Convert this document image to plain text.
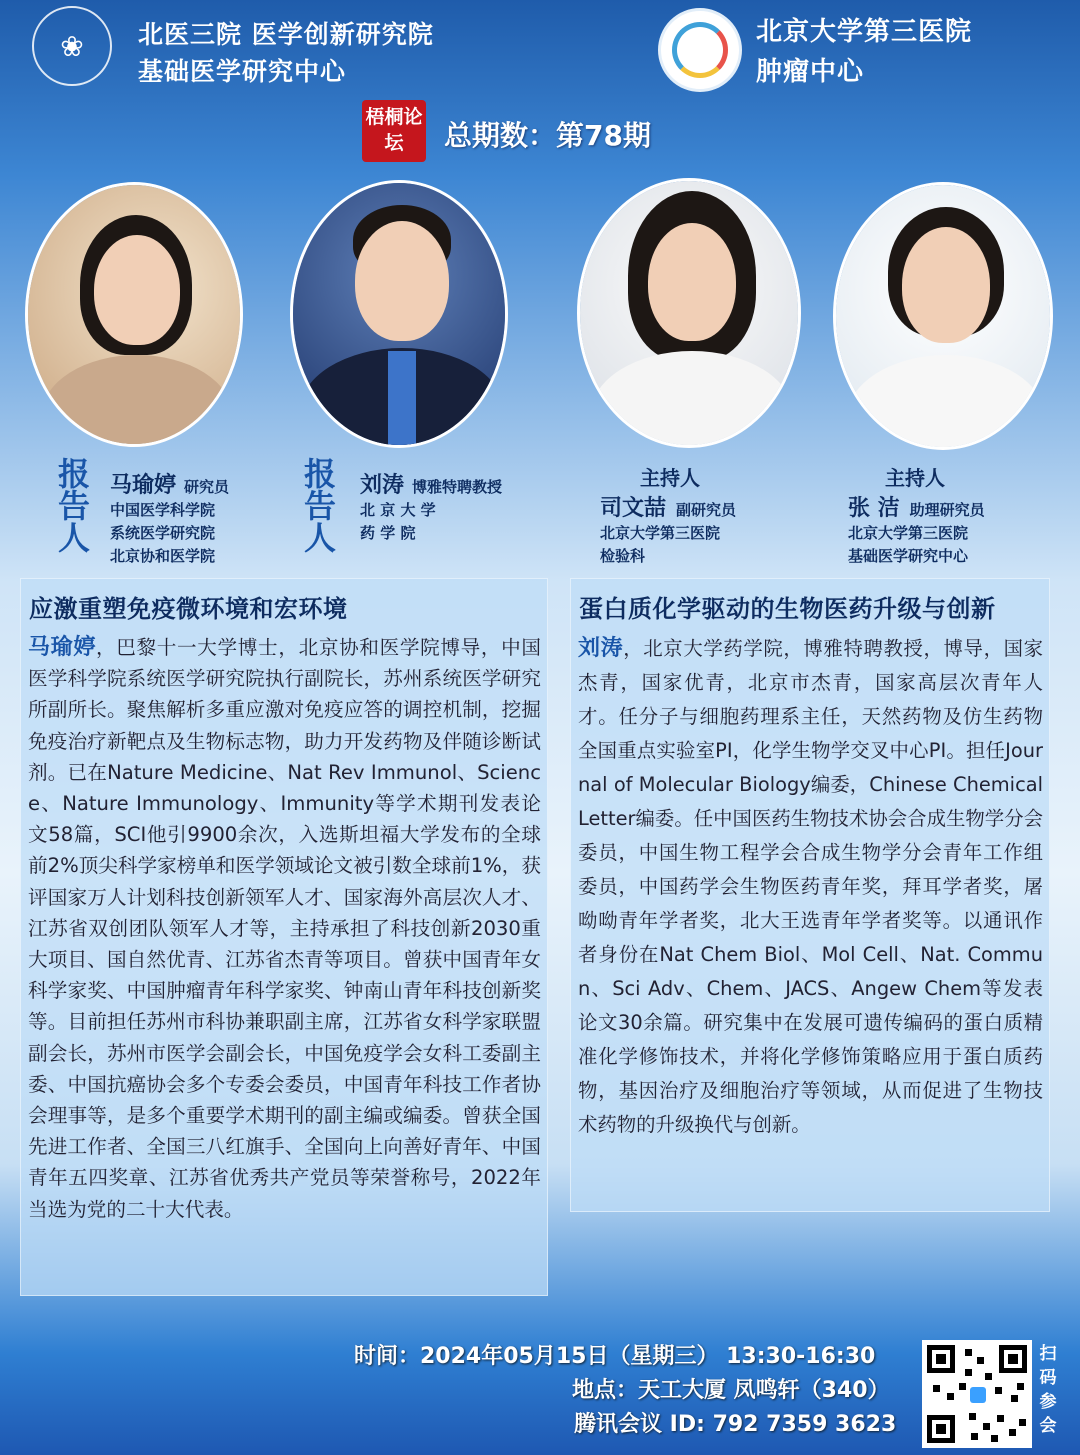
❀	北医三院 医学创新研究院
基础医学研究中心
北京大学第三医院
肿瘤中心
梧桐论坛	总期数：第78期
报告人
马瑜婷 研究员
中国医学科学院
系统医学研究院
北京协和医学院
报告人
刘涛 博雅特聘教授
北 京 大 学
药 学 院
主持人
司文喆 副研究员
北京大学第三医院
检验科
主持人
张 洁 助理研究员
北京大学第三医院
基础医学研究中心
应激重塑免疫微环境和宏环境

马瑜婷，巴黎十一大学博士，北京协和医学院博导，中国医学科学院系统医学研究院执行副院长，苏州系统医学研究所副所长。聚焦解析多重应激对免疫应答的调控机制，挖掘免疫治疗新靶点及生物标志物，助力开发药物及伴随诊断试剂。已在Nature Medicine、Nat Rev Immunol、Science、Nature Immunology、Immunity等学术期刊发表论文58篇，SCI他引9900余次，入选斯坦福大学发布的全球前2%顶尖科学家榜单和医学领域论文被引数全球前1%，获评国家万人计划科技创新领军人才、国家海外高层次人才、江苏省双创团队领军人才等，主持承担了科技创新2030重大项目、国自然优青、江苏省杰青等项目。曾获中国青年女科学家奖、中国肿瘤青年科学家奖、钟南山青年科技创新奖等。目前担任苏州市科协兼职副主席，江苏省女科学家联盟副会长，苏州市医学会副会长，中国免疫学会女科工委副主委、中国抗癌协会多个专委会委员，中国青年科技工作者协会理事等，是多个重要学术期刊的副主编或编委。曾获全国先进工作者、全国三八红旗手、全国向上向善好青年、中国青年五四奖章、江苏省优秀共产党员等荣誉称号，2022年当选为党的二十大代表。

蛋白质化学驱动的生物医药升级与创新

刘涛，北京大学药学院，博雅特聘教授，博导，国家杰青，国家优青，北京市杰青，国家高层次青年人才。任分子与细胞药理系主任，天然药物及仿生药物全国重点实验室PI，化学生物学交叉中心PI。担任Journal of Molecular Biology编委，Chinese Chemical Letter编委。任中国医药生物技术协会合成生物学分会委员，中国生物工程学会合成生物学分会青年工作组委员，中国药学会生物医药青年奖，拜耳学者奖，屠呦呦青年学者奖，北大王选青年学者奖等。以通讯作者身份在Nat Chem Biol、Mol Cell、Nat. Commun、Sci Adv、Chem、JACS、Angew Chem等发表论文30余篇。研究集中在发展可遗传编码的蛋白质精准化学修饰技术，并将化学修饰策略应用于蛋白质药物，基因治疗及细胞治疗等领域，从而促进了生物技术药物的升级换代与创新。

时间：2024年05月15日（星期三） 13:30-16:30
地点：天工大厦 凤鸣轩（340）
腾讯会议 ID: 792 7359 3623
扫码参会
